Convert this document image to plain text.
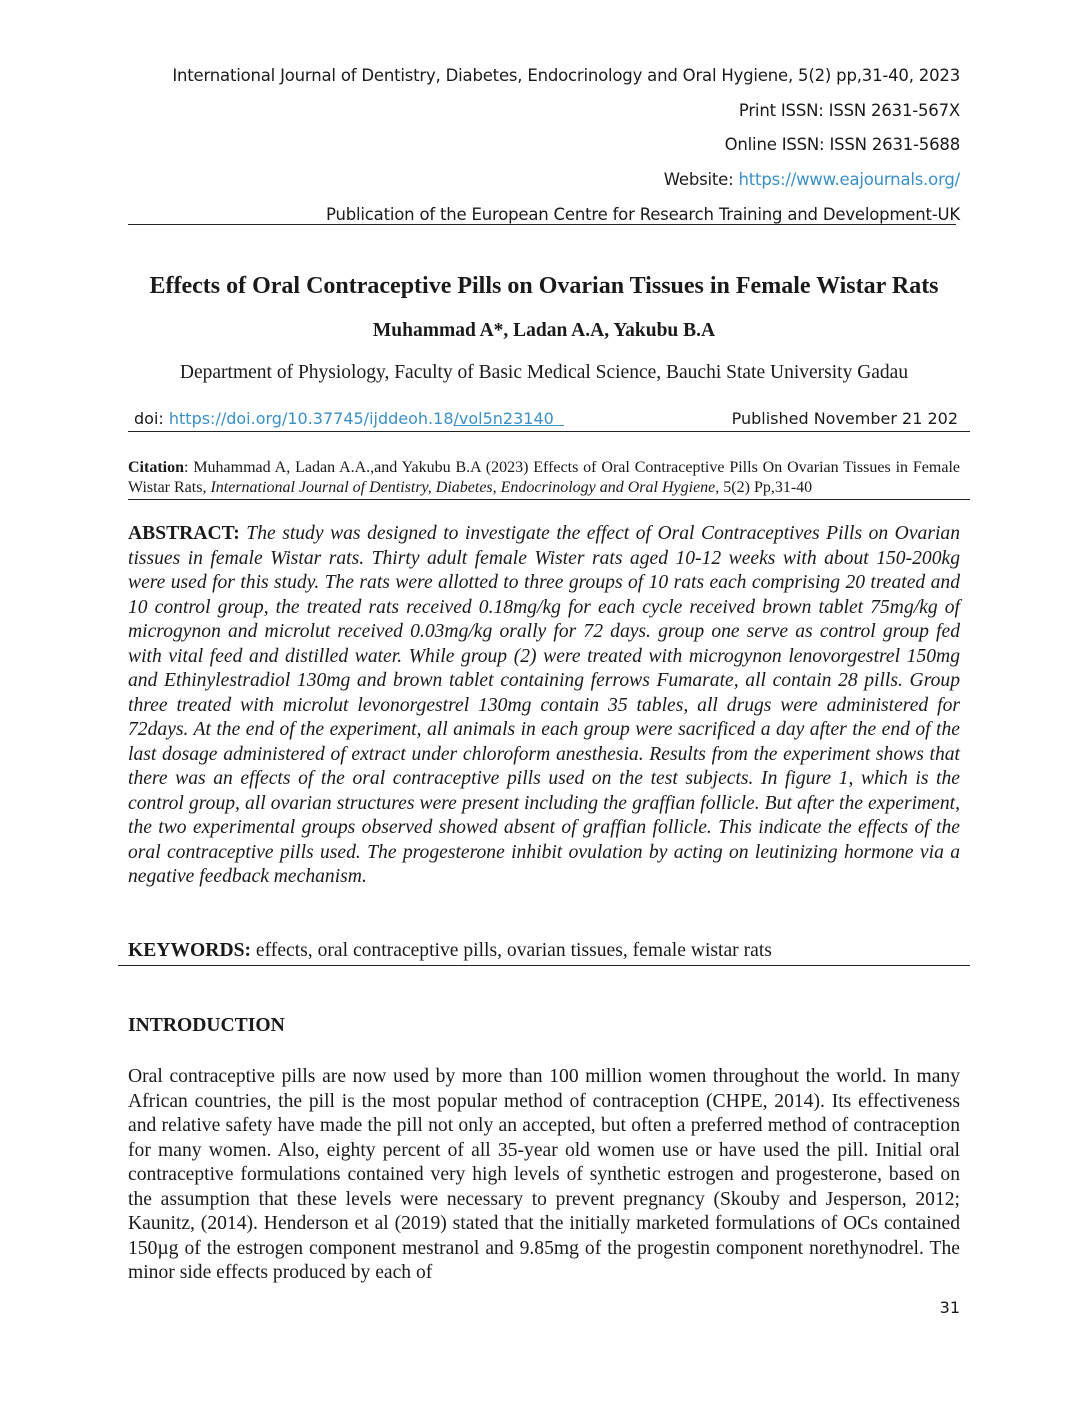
International Journal of Dentistry, Diabetes, Endocrinology and Oral Hygiene, 5(2) pp,31-40, 2023
Print ISSN: ISSN 2631-567X
Online ISSN: ISSN 2631-5688
Website: https://www.eajournals.org/
Publication of the European Centre for Research Training and Development-UK
Effects of Oral Contraceptive Pills on Ovarian Tissues in Female Wistar Rats
Muhammad A*, Ladan A.A, Yakubu B.A
Department of Physiology, Faculty of Basic Medical Science, Bauchi State University Gadau
doi: https://doi.org/10.37745/ijddeoh.18/vol5n23140	Published November 21 202
Citation: Muhammad A, Ladan A.A.,and Yakubu B.A (2023) Effects of Oral Contraceptive Pills On Ovarian Tissues in Female Wistar Rats, International Journal of Dentistry, Diabetes, Endocrinology and Oral Hygiene, 5(2) Pp,31-40
ABSTRACT: The study was designed to investigate the effect of Oral Contraceptives Pills on Ovarian tissues in female Wistar rats. Thirty adult female Wister rats aged 10-12 weeks with about 150-200kg were used for this study. The rats were allotted to three groups of 10 rats each comprising 20 treated and 10 control group, the treated rats received 0.18mg/kg for each cycle received brown tablet 75mg/kg of microgynon and microlut received 0.03mg/kg orally for 72 days. group one serve as control group fed with vital feed and distilled water. While group (2) were treated with microgynon lenovorgestrel 150mg and Ethinylestradiol 130mg and brown tablet containing ferrows Fumarate, all contain 28 pills. Group three treated with microlut levonorgestrel 130mg contain 35 tables, all drugs were administered for 72days. At the end of the experiment, all animals in each group were sacrificed a day after the end of the last dosage administered of extract under chloroform anesthesia. Results from the experiment shows that there was an effects of the oral contraceptive pills used on the test subjects. In figure 1, which is the control group, all ovarian structures were present including the graffian follicle. But after the experiment, the two experimental groups observed showed absent of graffian follicle. This indicate the effects of the oral contraceptive pills used. The progesterone inhibit ovulation by acting on leutinizing hormone via a negative feedback mechanism.
KEYWORDS: effects, oral contraceptive pills, ovarian tissues, female wistar rats
INTRODUCTION
Oral contraceptive pills are now used by more than 100 million women throughout the world. In many African countries, the pill is the most popular method of contraception (CHPE, 2014). Its effectiveness and relative safety have made the pill not only an accepted, but often a preferred method of contraception for many women. Also, eighty percent of all 35-year old women use or have used the pill. Initial oral contraceptive formulations contained very high levels of synthetic estrogen and progesterone, based on the assumption that these levels were necessary to prevent pregnancy (Skouby and Jesperson, 2012; Kaunitz, (2014). Henderson et al (2019) stated that the initially marketed formulations of OCs contained 150µg of the estrogen component mestranol and 9.85mg of the progestin component norethynodrel. The minor side effects produced by each of
31
